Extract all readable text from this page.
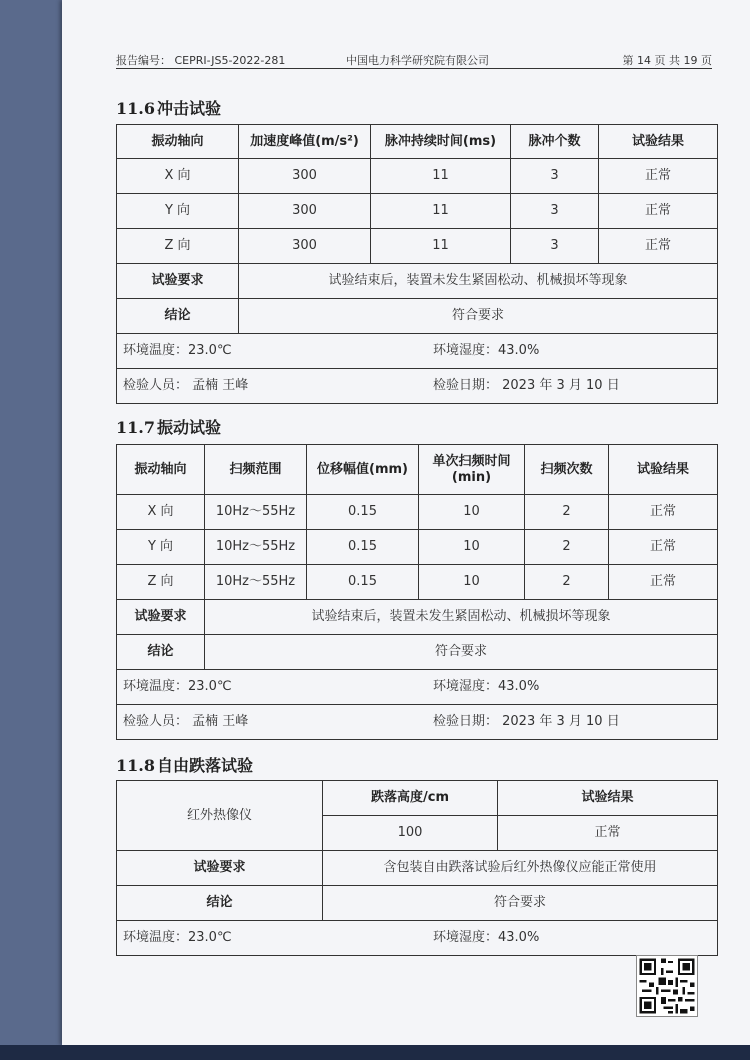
报告编号： CEPRI-JS5-2022-281	中国电力科学研究院有限公司	第 14 页 共 19 页
11.6 冲击试验
振动轴向	加速度峰值(m/s²)	脉冲持续时间(ms)	脉冲个数	试验结果
X 向	300	11	3	正常
Y 向	300	11	3	正常
Z 向	300	11	3	正常
试验要求	试验结束后，装置未发生紧固松动、机械损坏等现象			
结论	符合要求			
环境温度：23.0℃ 环境湿度：43.0%				
检验人员： 孟楠 王峰 检验日期： 2023 年 3 月 10 日				
11.7 振动试验
振动轴向	扫频范围	位移幅值(mm)	单次扫频时间(min)	扫频次数	试验结果
X 向	10Hz～55Hz	0.15	10	2	正常
Y 向	10Hz～55Hz	0.15	10	2	正常
Z 向	10Hz～55Hz	0.15	10	2	正常
试验要求	试验结束后，装置未发生紧固松动、机械损坏等现象				
结论	符合要求				
环境温度：23.0℃ 环境湿度：43.0%					
检验人员： 孟楠 王峰 检验日期： 2023 年 3 月 10 日					
11.8 自由跌落试验
红外热像仪	跌落高度/cm	试验结果
	100	正常
试验要求	含包装自由跌落试验后红外热像仪应能正常使用	
结论	符合要求	
环境温度：23.0℃ 环境湿度：43.0%		
